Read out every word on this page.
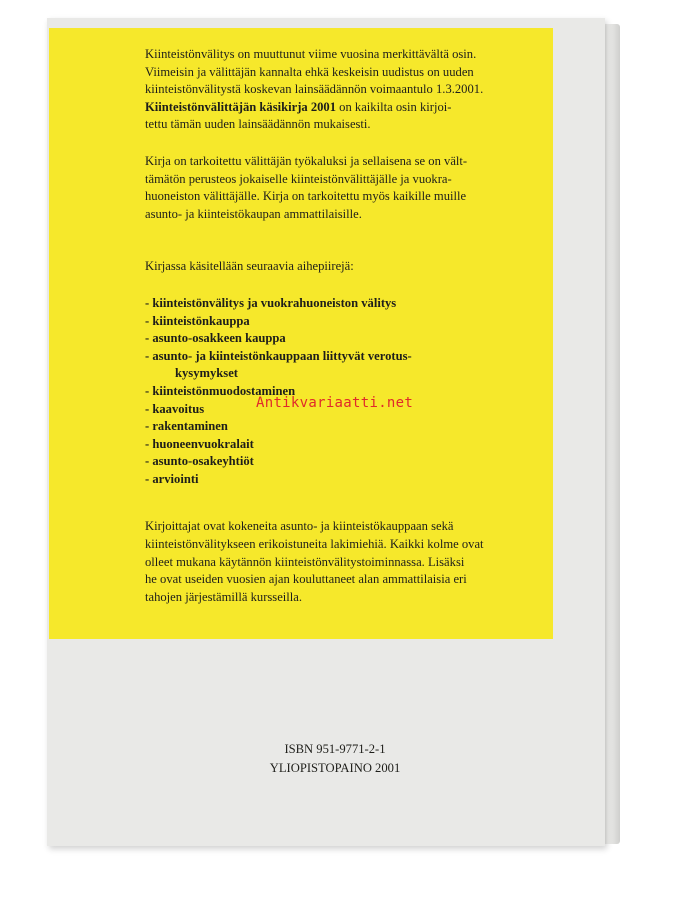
Kiinteistönvälitys on muuttunut viime vuosina merkittävältä osin.

Viimeisin ja välittäjän kannalta ehkä keskeisin uudistus on uuden

kiinteistönvälitystä koskevan lainsäädännön voimaantulo 1.3.2001.

Kiinteistönvälittäjän käsikirja 2001 on kaikilta osin kirjoi-

tettu tämän uuden lainsäädännön mukaisesti.

Kirja on tarkoitettu välittäjän työkaluksi ja sellaisena se on vält-

tämätön perusteos jokaiselle kiinteistönvälittäjälle ja vuokra-

huoneiston välittäjälle. Kirja on tarkoitettu myös kaikille muille

asunto- ja kiinteistökaupan ammattilaisille.

Kirjassa käsitellään seuraavia aihepiirejä:

- kiinteistönvälitys ja vuokrahuoneiston välitys
- kiinteistönkauppa
- asunto-osakkeen kauppa
- asunto- ja kiinteistönkauppaan liittyvät verotus-
kysymykset
- kiinteistönmuodostaminen
- kaavoitus
- rakentaminen
- huoneenvuokralait
- asunto-osakeyhtiöt
- arviointi

Kirjoittajat ovat kokeneita asunto- ja kiinteistökauppaan sekä

kiinteistönvälitykseen erikoistuneita lakimiehiä. Kaikki kolme ovat

olleet mukana käytännön kiinteistönvälitystoiminnassa. Lisäksi

he ovat useiden vuosien ajan kouluttaneet alan ammattilaisia eri

tahojen järjestämillä kursseilla.

Antikvariaatti.net
ISBN 951-9771-2-1
YLIOPISTOPAINO 2001
